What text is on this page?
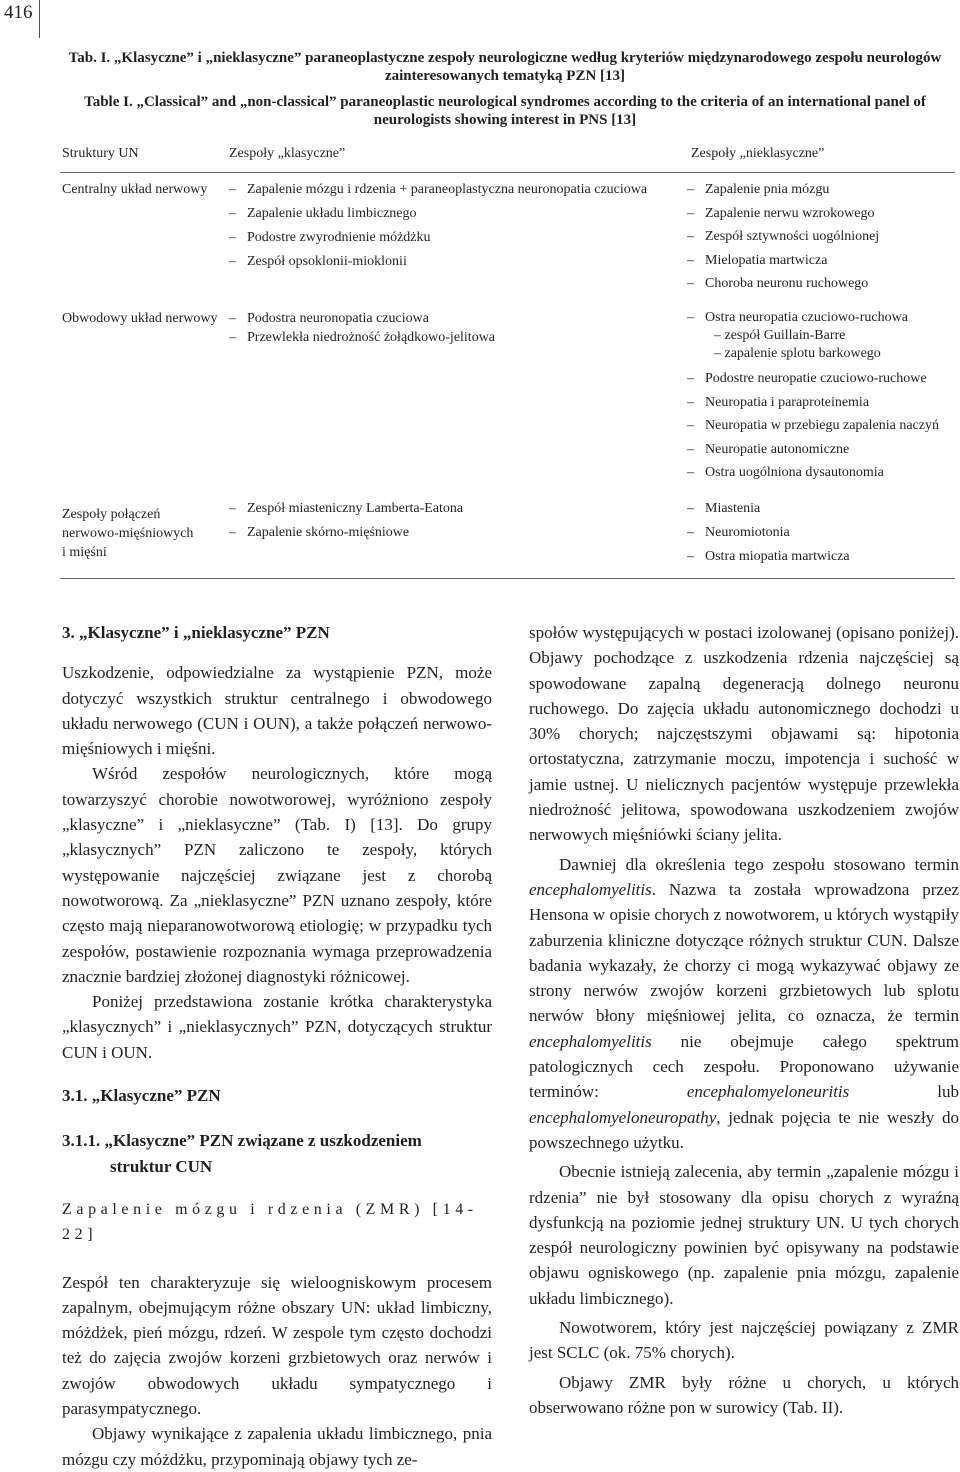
416
Tab. I. „Klasyczne” i „nieklasyczne” paraneoplastyczne zespoły neurologiczne według kryteriów międzynarodowego zespołu neurologów zainteresowanych tematyką PZN [13]
Table I. „Classical” and „non-classical” paraneoplastic neurological syndromes according to the criteria of an international panel of neurologists showing interest in PNS [13]
Struktury UN	Zespoły „klasyczne”	Zespoły „nieklasyczne”
Centralny układ nerwowy – Zapalenie mózgu i rdzenia + paraneoplastyczna neuronopatia czuciowa
– Zapalenie układu limbicznego
– Podostre zwyrodnienie móżdżku
– Zespół opsoklonii-mioklonii
– Zapalenie pnia mózgu
– Zapalenie nerwu wzrokowego
– Zespół sztywności uogólnionej
– Mielopatia martwicza
– Choroba neuronu ruchowego
Obwodowy układ nerwowy – Podostra neuronopatia czuciowa
– Przewlekła niedrożność żołądkowo-jelitowa
– Ostra neuropatia czuciowo-ruchowa
– zespół Guillain-Barre
– zapalenie splotu barkowego
– Podostre neuropatie czuciowo-ruchowe
– Neuropatia i paraproteinemia
– Neuropatia w przebiegu zapalenia naczyń
– Neuropatie autonomiczne
– Ostra uogólniona dysautonomia
Zespoły połączeń
nerwowo-mięśniowych
i mięśni
– Zespół miasteniczny Lamberta-Eatona
– Zapalenie skórno-mięśniowe
– Miastenia
– Neuromiotonia
– Ostra miopatia martwicza
3. „Klasyczne” i „nieklasyczne” PZN

Uszkodzenie, odpowiedzialne za wystąpienie PZN, może dotyczyć wszystkich struktur centralnego i obwodowego układu nerwowego (CUN i OUN), a także połączeń nerwowo-mięśniowych i mięśni.

Wśród zespołów neurologicznych, które mogą towarzyszyć chorobie nowotworowej, wyróżniono zespoły „klasyczne” i „nieklasyczne” (Tab. I) [13]. Do grupy „klasycznych” PZN zaliczono te zespoły, których występowanie najczęściej związane jest z chorobą nowotworową. Za „nieklasyczne” PZN uznano zespoły, które często mają nieparanowotworową etiologię; w przypadku tych zespołów, postawienie rozpoznania wymaga przeprowadzenia znacznie bardziej złożonej diagnostyki różnicowej.

Poniżej przedstawiona zostanie krótka charakterystyka „klasycznych” i „nieklasycznych” PZN, dotyczących struktur CUN i OUN.

3.1. „Klasyczne” PZN
3.1.1. „Klasyczne” PZN związane z uszkodzeniem
struktur CUN

Zapalenie mózgu i rdzenia (ZMR) [14-22]

Zespół ten charakteryzuje się wieloogniskowym procesem zapalnym, obejmującym różne obszary UN: układ limbiczny, móżdżek, pień mózgu, rdzeń. W zespole tym często dochodzi też do zajęcia zwojów korzeni grzbietowych oraz nerwów i zwojów obwodowych układu sympatycznego i parasympatycznego.

Objawy wynikające z zapalenia układu limbicznego, pnia mózgu czy móżdżku, przypominają objawy tych ze-

społów występujących w postaci izolowanej (opisano poniżej). Objawy pochodzące z uszkodzenia rdzenia najczęściej są spowodowane zapalną degeneracją dolnego neuronu ruchowego. Do zajęcia układu autonomicznego dochodzi u 30% chorych; najczęstszymi objawami są: hipotonia ortostatyczna, zatrzymanie moczu, impotencja i suchość w jamie ustnej. U nielicznych pacjentów występuje przewlekła niedrożność jelitowa, spowodowana uszkodzeniem zwojów nerwowych mięśniówki ściany jelita.

Dawniej dla określenia tego zespołu stosowano termin encephalomyelitis. Nazwa ta została wprowadzona przez Hensona w opisie chorych z nowotworem, u których wystąpiły zaburzenia kliniczne dotyczące różnych struktur CUN. Dalsze badania wykazały, że chorzy ci mogą wykazywać objawy ze strony nerwów zwojów korzeni grzbietowych lub splotu nerwów błony mięśniowej jelita, co oznacza, że termin encephalomyelitis nie obejmuje całego spektrum patologicznych cech zespołu. Proponowano używanie terminów: encephalomyeloneuritis lub encephalomyeloneuropathy, jednak pojęcia te nie weszły do powszechnego użytku.

Obecnie istnieją zalecenia, aby termin „zapalenie mózgu i rdzenia” nie był stosowany dla opisu chorych z wyraźną dysfunkcją na poziomie jednej struktury UN. U tych chorych zespół neurologiczny powinien być opisywany na podstawie objawu ogniskowego (np. zapalenie pnia mózgu, zapalenie układu limbicznego).

Nowotworem, który jest najczęściej powiązany z ZMR jest SCLC (ok. 75% chorych).

Objawy ZMR były różne u chorych, u których obserwowano różne pon w surowicy (Tab. II).
